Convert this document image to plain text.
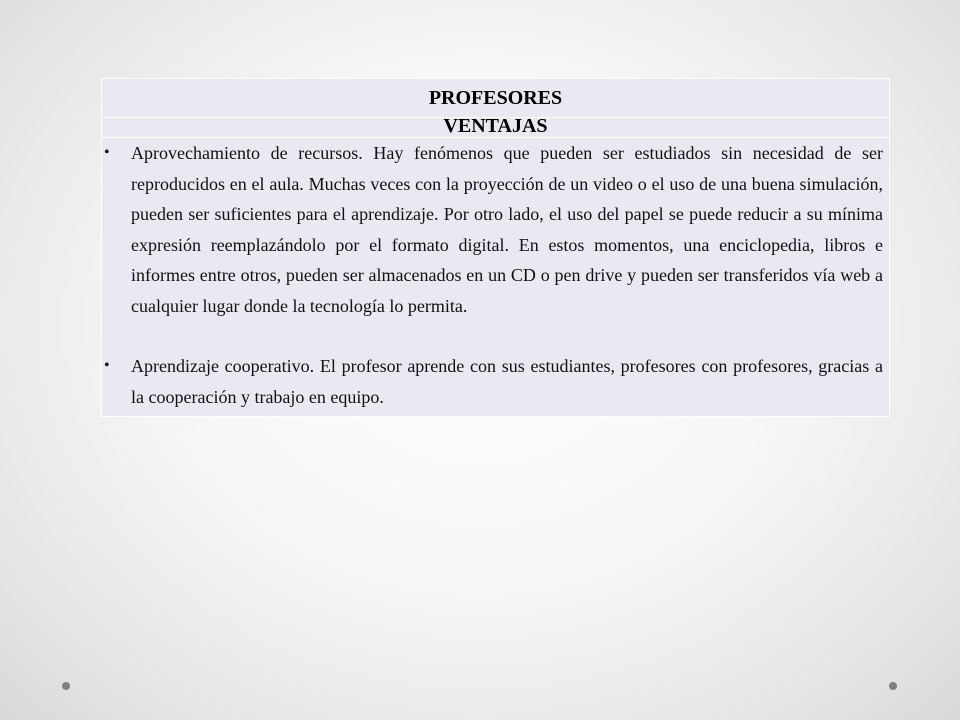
PROFESORES
VENTAJAS
• Aprovechamiento de recursos. Hay fenómenos que pueden ser estudiados sin necesidad de ser reproducidos en el aula. Muchas veces con la proyección de un video o el uso de una buena simulación, pueden ser suficientes para el aprendizaje. Por otro lado, el uso del papel se puede reducir a su mínima expresión reemplazándolo por el formato digital. En estos momentos, una enciclopedia, libros e informes entre otros, pueden ser almacenados en un CD o pen drive y pueden ser transferidos vía web a cualquier lugar donde la tecnología lo permita.
• Aprendizaje cooperativo. El profesor aprende con sus estudiantes, profesores con profesores, gracias a la cooperación y trabajo en equipo.
